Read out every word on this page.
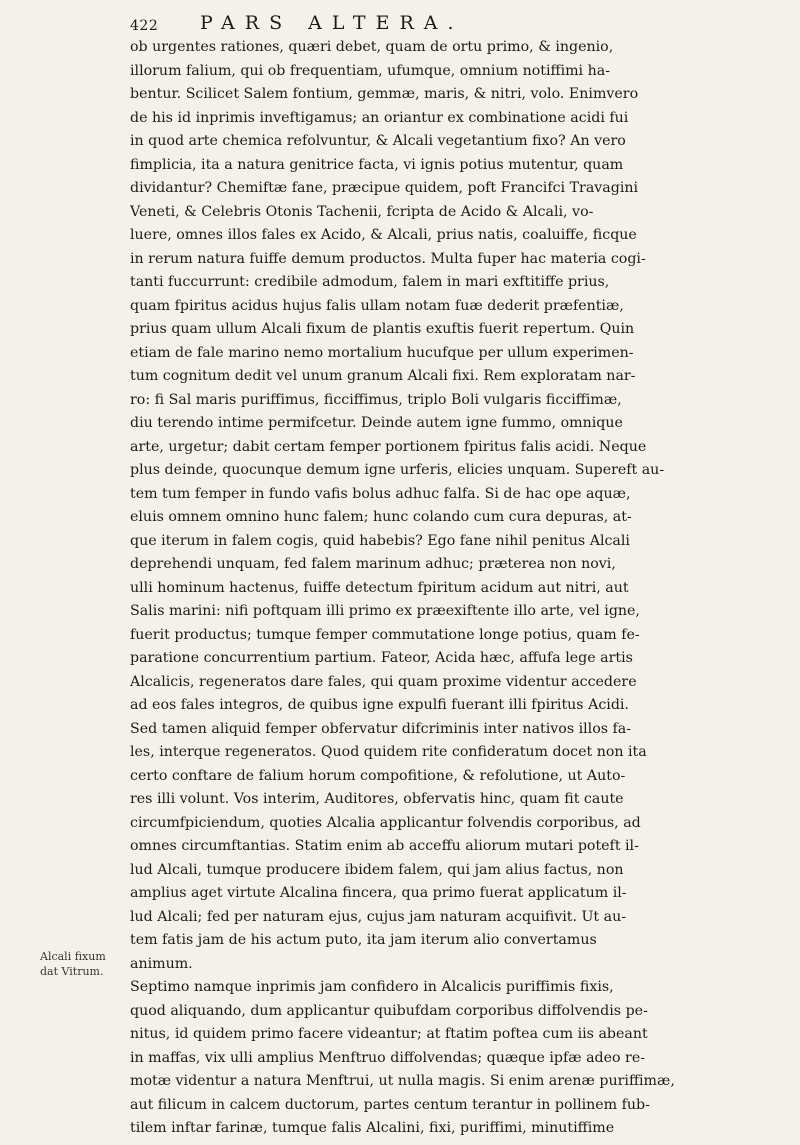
422 PARS ALTERA.
Alcali fixum
dat Vitrum.
ob urgentes rationes, quæri debet, quam de ortu primo, & ingenio,
illorum falium, qui ob frequentiam, ufumque, omnium notiffimi ha-
bentur. Scilicet Salem fontium, gemmæ, maris, & nitri, volo. Enimvero
de his id inprimis inveftigamus; an oriantur ex combinatione acidi fui
in quod arte chemica refolvuntur, & Alcali vegetantium fixo? An vero
fimplicia, ita a natura genitrice facta, vi ignis potius mutentur, quam
dividantur? Chemiftæ fane, præcipue quidem, poft Francifci Travagini
Veneti, & Celebris Otonis Tachenii, fcripta de Acido & Alcali, vo-
luere, omnes illos fales ex Acido, & Alcali, prius natis, coaluiffe, ficque
in rerum natura fuiffe demum productos. Multa fuper hac materia cogi-
tanti fuccurrunt: credibile admodum, falem in mari exftitiffe prius,
quam fpiritus acidus hujus falis ullam notam fuæ dederit præfentiæ,
prius quam ullum Alcali fixum de plantis exuftis fuerit repertum. Quin
etiam de fale marino nemo mortalium hucufque per ullum experimen-
tum cognitum dedit vel unum granum Alcali fixi. Rem exploratam nar-
ro: fi Sal maris puriffimus, ficciffimus, triplo Boli vulgaris ficciffimæ,
diu terendo intime permifcetur. Deinde autem igne fummo, omnique
arte, urgetur; dabit certam femper portionem fpiritus falis acidi. Neque
plus deinde, quocunque demum igne urferis, elicies unquam. Supereft au-
tem tum femper in fundo vafis bolus adhuc falfa. Si de hac ope aquæ,
eluis omnem omnino hunc falem; hunc colando cum cura depuras, at-
que iterum in falem cogis, quid habebis? Ego fane nihil penitus Alcali
deprehendi unquam, fed falem marinum adhuc; præterea non novi,
ulli hominum hactenus, fuiffe detectum fpiritum acidum aut nitri, aut
Salis marini: nifi poftquam illi primo ex præexiftente illo arte, vel igne,
fuerit productus; tumque femper commutatione longe potius, quam fe-
paratione concurrentium partium. Fateor, Acida hæc, affufa lege artis
Alcalicis, regeneratos dare fales, qui quam proxime videntur accedere
ad eos fales integros, de quibus igne expulfi fuerant illi fpiritus Acidi.
Sed tamen aliquid femper obfervatur difcriminis inter nativos illos fa-
les, interque regeneratos. Quod quidem rite confideratum docet non ita
certo conftare de falium horum compofitione, & refolutione, ut Auto-
res illi volunt. Vos interim, Auditores, obfervatis hinc, quam fit caute
circumfpiciendum, quoties Alcalia applicantur folvendis corporibus, ad
omnes circumftantias. Statim enim ab acceffu aliorum mutari poteft il-
lud Alcali, tumque producere ibidem falem, qui jam alius factus, non
amplius aget virtute Alcalina fincera, qua primo fuerat applicatum il-
lud Alcali; fed per naturam ejus, cujus jam naturam acquifivit. Ut au-
tem fatis jam de his actum puto, ita jam iterum alio convertamus
animum.
Septimo namque inprimis jam confidero in Alcalicis puriffimis fixis,
quod aliquando, dum applicantur quibufdam corporibus diffolvendis pe-
nitus, id quidem primo facere videantur; at ftatim poftea cum iis abeant
in maffas, vix ulli amplius Menftruo diffolvendas; quæque ipfæ adeo re-
motæ videntur a natura Menftrui, ut nulla magis. Si enim arenæ puriffimæ,
aut filicum in calcem ductorum, partes centum terantur in pollinem fub-
tilem inftar farinæ, tumque falis Alcalini, fixi, puriffimi, minutiffime
